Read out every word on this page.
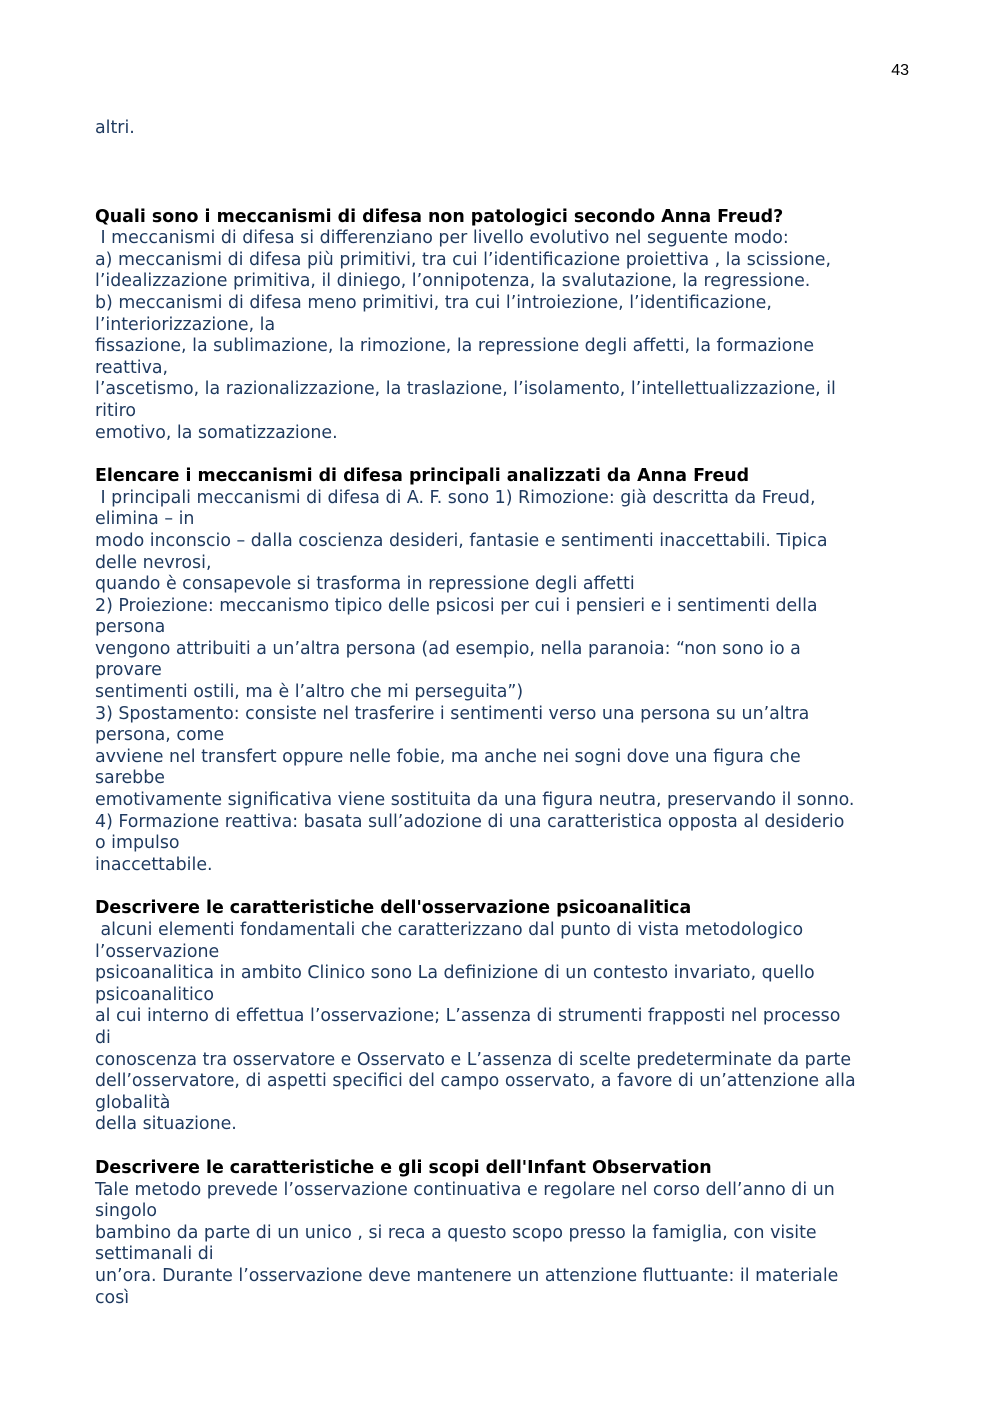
43
altri.
Quali sono i meccanismi di difesa non patologici secondo Anna Freud?
I meccanismi di difesa si differenziano per livello evolutivo nel seguente modo:
a) meccanismi di difesa più primitivi, tra cui l’identificazione proiettiva , la scissione,
l’idealizzazione primitiva, il diniego, l’onnipotenza, la svalutazione, la regressione.
b) meccanismi di difesa meno primitivi, tra cui l’introiezione, l’identificazione,
l’interiorizzazione, la
fissazione, la sublimazione, la rimozione, la repressione degli affetti, la formazione
reattiva,
l’ascetismo, la razionalizzazione, la traslazione, l’isolamento, l’intellettualizzazione, il
ritiro
emotivo, la somatizzazione.
Elencare i meccanismi di difesa principali analizzati da Anna Freud
I principali meccanismi di difesa di A. F. sono 1) Rimozione: già descritta da Freud,
elimina – in
modo inconscio – dalla coscienza desideri, fantasie e sentimenti inaccettabili. Tipica
delle nevrosi,
quando è consapevole si trasforma in repressione degli affetti
2) Proiezione: meccanismo tipico delle psicosi per cui i pensieri e i sentimenti della
persona
vengono attribuiti a un’altra persona (ad esempio, nella paranoia: “non sono io a
provare
sentimenti ostili, ma è l’altro che mi perseguita”)
3) Spostamento: consiste nel trasferire i sentimenti verso una persona su un’altra
persona, come
avviene nel transfert oppure nelle fobie, ma anche nei sogni dove una figura che
sarebbe
emotivamente significativa viene sostituita da una figura neutra, preservando il sonno.
4) Formazione reattiva: basata sull’adozione di una caratteristica opposta al desiderio
o impulso
inaccettabile.
Descrivere le caratteristiche dell'osservazione psicoanalitica
alcuni elementi fondamentali che caratterizzano dal punto di vista metodologico
l’osservazione
psicoanalitica in ambito Clinico sono La definizione di un contesto invariato, quello
psicoanalitico
al cui interno di effettua l’osservazione; L’assenza di strumenti frapposti nel processo
di
conoscenza tra osservatore e Osservato e L’assenza di scelte predeterminate da parte
dell’osservatore, di aspetti specifici del campo osservato, a favore di un’attenzione alla
globalità
della situazione.
Descrivere le caratteristiche e gli scopi dell'Infant Observation
Tale metodo prevede l’osservazione continuativa e regolare nel corso dell’anno di un
singolo
bambino da parte di un unico , si reca a questo scopo presso la famiglia, con visite
settimanali di
un’ora. Durante l’osservazione deve mantenere un attenzione fluttuante: il materiale
così
